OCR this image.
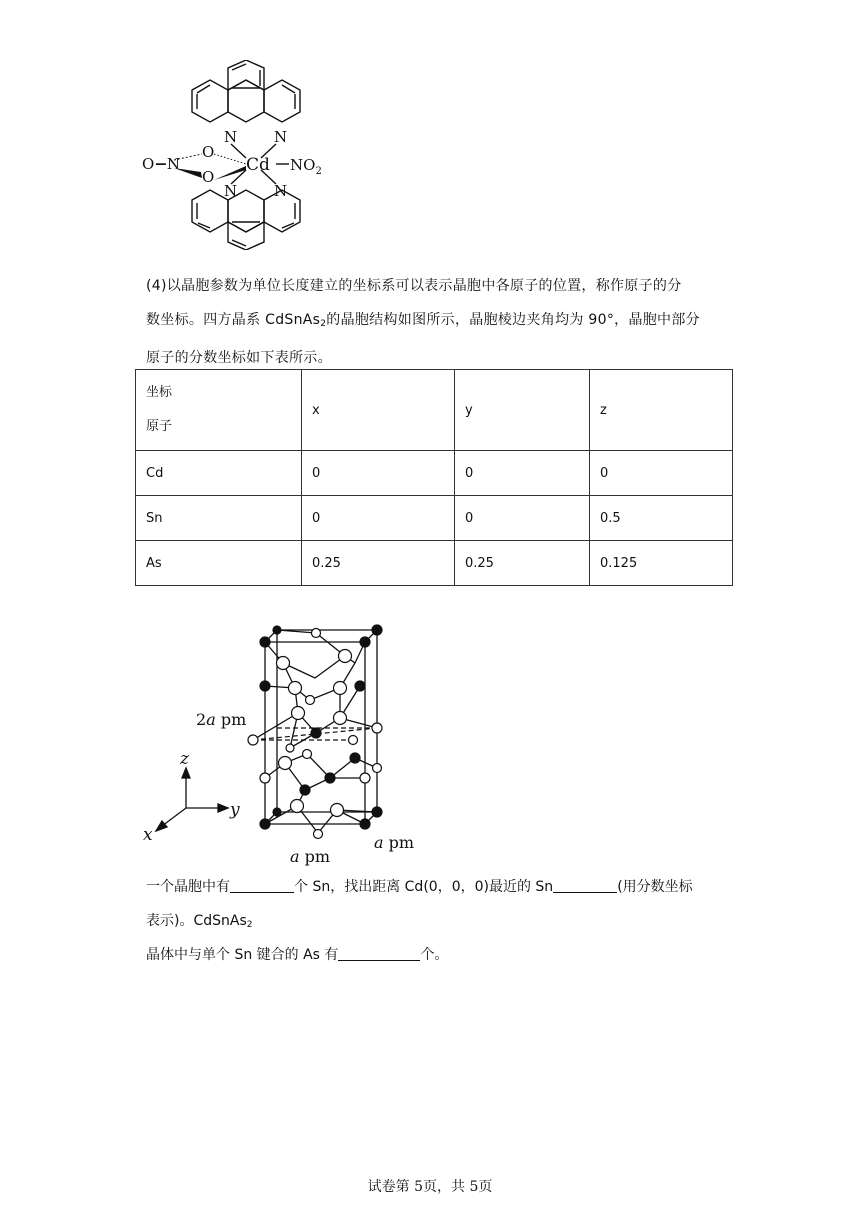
N N
N N
O−N
O
O
Cd $NO_2$
(4)以晶胞参数为单位长度建立的坐标系可以表示晶胞中各原子的位置，称作原子的分
数坐标。四方晶系 CdSnAs$_2$的晶胞结构如图所示，晶胞棱边夹角均为 90°，晶胞中部分
原子的分数坐标如下表所示。
坐标
原子	x	y	z
Cd	0	0	0
Sn	0	0	0.5
As	0.25	0.25	0.125
z
y
x
2a pm
a pm
a pm
一个晶胞中有	个 Sn，找出距离 Cd(0，0，0)最近的 Sn	(用分数坐标
表示)。CdSnAs$_2$
晶体中与单个 Sn 键合的 As 有	个。
试卷第 5页，共 5页
